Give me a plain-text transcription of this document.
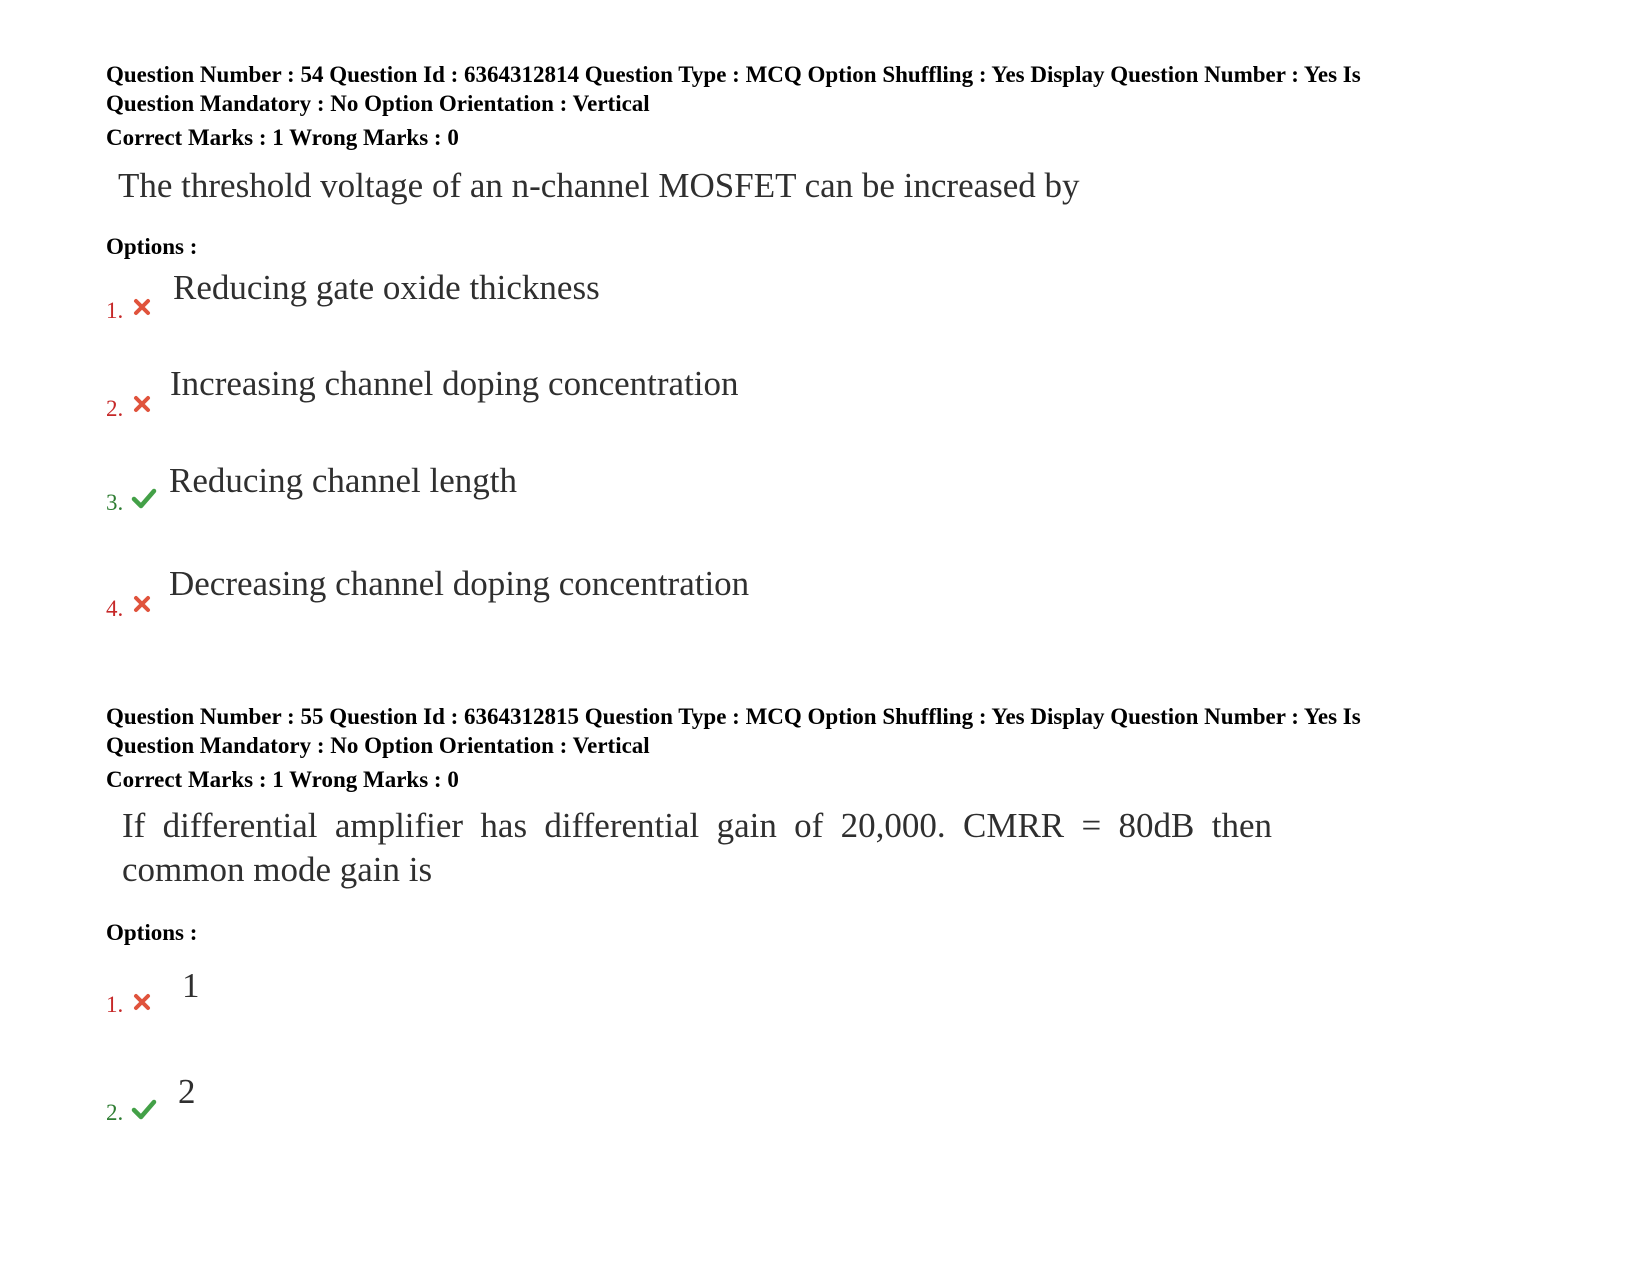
Question Number : 54 Question Id : 6364312814 Question Type : MCQ Option Shuffling : Yes Display Question Number : Yes Is
Question Mandatory : No Option Orientation : Vertical
Correct Marks : 1 Wrong Marks : 0
The threshold voltage of an n-channel MOSFET can be increased by
Options :
1.
Reducing gate oxide thickness
2.
Increasing channel doping concentration
3.
Reducing channel length
4.
Decreasing channel doping concentration
Question Number : 55 Question Id : 6364312815 Question Type : MCQ Option Shuffling : Yes Display Question Number : Yes Is
Question Mandatory : No Option Orientation : Vertical
Correct Marks : 1 Wrong Marks : 0
If differential amplifier has differential gain of 20,000. CMRR = 80dB then
common mode gain is
Options :
1. 1
2.
2
